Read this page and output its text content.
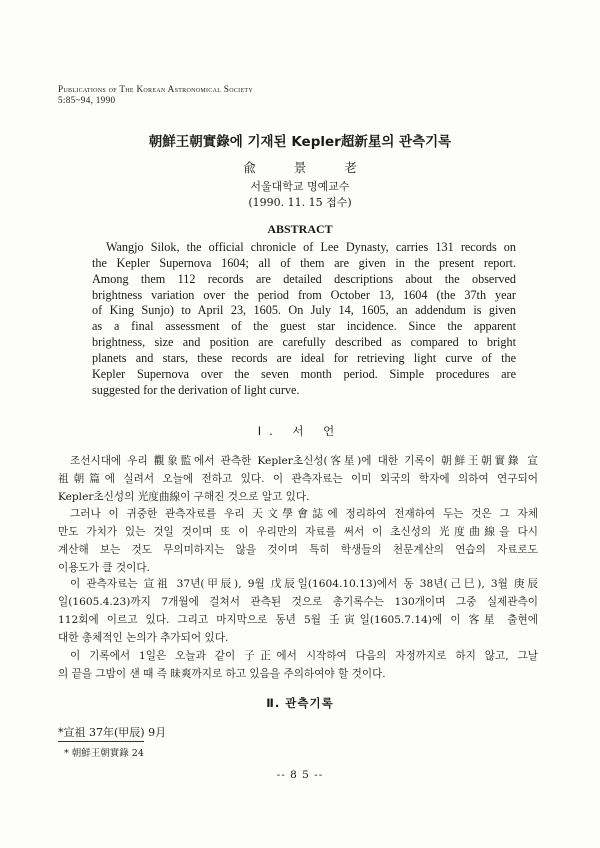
Publications of The Korean Astronomical Society
5:85~94, 1990
朝鮮王朝實錄에 기재된 Kepler超新星의 관측기록
兪景老
서울대학교 명예교수
(1990. 11. 15 접수)
ABSTRACT
Wangjo Silok, the official chronicle of Lee Dynasty, carries 131 records on
the Kepler Supernova 1604; all of them are given in the present report.
Among them 112 records are detailed descriptions about the observed
brightness variation over the period from October 13, 1604 (the 37th year
of King Sunjo) to April 23, 1605. On July 14, 1605, an addendum is given
as a final assessment of the guest star incidence. Since the apparent
brightness, size and position are carefully described as compared to bright
planets and stars, these records are ideal for retrieving light curve of the
Kepler Supernova over the seven month period. Simple procedures are
suggested for the derivation of light curve.
I. 서 언
조선시대에 우리 觀象監에서 관측한 Kepler초신성(客星)에 대한 기록이 朝鮮王朝實錄 宣
祖朝篇에 실려서 오늘에 전하고 있다. 이 관측자료는 이미 외국의 학자에 의하여 연구되어
Kepler초신성의 光度曲線이 구해진 것으로 알고 있다.
그러나 이 귀중한 관측자료를 우리 天文學會誌에 정리하여 전재하여 두는 것은 그 자체
만도 가치가 있는 것일 것이며 또 이 우리만의 자료를 써서 이 초신성의 光度曲線을 다시
계산해 보는 것도 무의미하지는 않을 것이며 특히 학생들의 천문계산의 연습의 자료로도
이용도가 클 것이다.
이 관측자료는 宣祖 37년(甲辰), 9월 戊辰일(1604.10.13)에서 동 38년(己巳), 3월 庚辰
일(1605.4.23)까지 7개월에 걸쳐서 관측된 것으로 총기록수는 130개이며 그중 실제관측이
112회에 이르고 있다. 그리고 마지막으로 동년 5월 壬寅일(1605.7.14)에 이 客星 출현에
대한 총체적인 논의가 추가되어 있다.
이 기록에서 1일은 오늘과 같이 子正에서 시작하여 다음의 자정까지로 하지 않고, 그날
의 끝을 그밤이 샌 때 즉 昧爽까지로 하고 있음을 주의하여야 할 것이다.
Ⅱ. 관측기록
*宣祖 37年(甲辰) 9月
* 朝鮮王朝實錄 24
-- 8 5 --
